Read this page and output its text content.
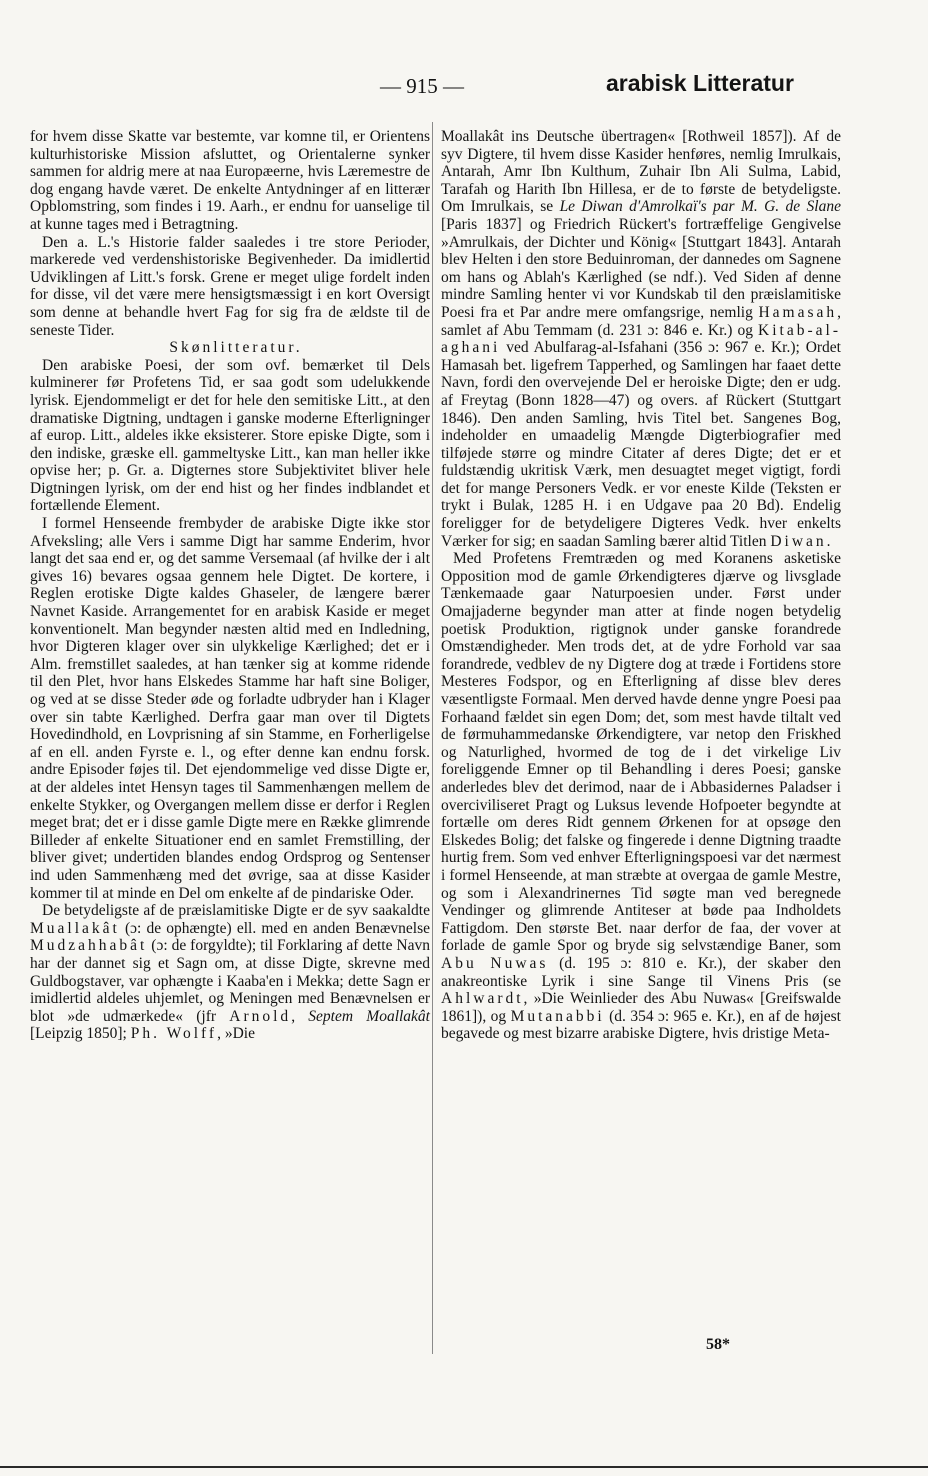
— 915 —	arabisk Litteratur

for hvem disse Skatte var bestemte, var komne til, er Orientens kulturhistoriske Mission afsluttet, og Orientalerne synker sammen for aldrig mere at naa Europæerne, hvis Læremestre de dog engang havde været. De enkelte Antydninger af en litterær Opblomstring, som findes i 19. Aarh., er endnu for uanselige til at kunne tages med i Betragtning.

Den a. L.'s Historie falder saaledes i tre store Perioder, markerede ved verdenshistoriske Begivenheder. Da imidlertid Udviklingen af Litt.'s forsk. Grene er meget ulige fordelt inden for disse, vil det være mere hensigtsmæssigt i en kort Oversigt som denne at behandle hvert Fag for sig fra de ældste til de seneste Tider.

Skønlitteratur.

Den arabiske Poesi, der som ovf. bemærket til Dels kulminerer før Profetens Tid, er saa godt som udelukkende lyrisk. Ejendommeligt er det for hele den semitiske Litt., at den dramatiske Digtning, undtagen i ganske moderne Efterligninger af europ. Litt., aldeles ikke eksisterer. Store episke Digte, som i den indiske, græske ell. gammeltyske Litt., kan man heller ikke opvise her; p. Gr. a. Digternes store Subjektivitet bliver hele Digtningen lyrisk, om der end hist og her findes indblandet et fortællende Element.

I formel Henseende frembyder de arabiske Digte ikke stor Afveksling; alle Vers i samme Digt har samme Enderim, hvor langt det saa end er, og det samme Versemaal (af hvilke der i alt gives 16) bevares ogsaa gennem hele Digtet. De kortere, i Reglen erotiske Digte kaldes Ghaseler, de længere bærer Navnet Kaside. Arrangementet for en arabisk Kaside er meget konventionelt. Man begynder næsten altid med en Indledning, hvor Digteren klager over sin ulykkelige Kærlighed; det er i Alm. fremstillet saaledes, at han tænker sig at komme ridende til den Plet, hvor hans Elskedes Stamme har haft sine Boliger, og ved at se disse Steder øde og forladte udbryder han i Klager over sin tabte Kærlighed. Derfra gaar man over til Digtets Hovedindhold, en Lovprisning af sin Stamme, en Forherligelse af en ell. anden Fyrste e. l., og efter denne kan endnu forsk. andre Episoder føjes til. Det ejendommelige ved disse Digte er, at der aldeles intet Hensyn tages til Sammenhængen mellem de enkelte Stykker, og Overgangen mellem disse er derfor i Reglen meget brat; det er i disse gamle Digte mere en Række glimrende Billeder af enkelte Situationer end en samlet Fremstilling, der bliver givet; undertiden blandes endog Ordsprog og Sentenser ind uden Sammenhæng med det øvrige, saa at disse Kasider kommer til at minde en Del om enkelte af de pindariske Oder.

De betydeligste af de præislamitiske Digte er de syv saakaldte Muallakât (ɔ: de ophængte) ell. med en anden Benævnelse Mudzahhabât (ɔ: de forgyldte); til Forklaring af dette Navn har der dannet sig et Sagn om, at disse Digte, skrevne med Guldbogstaver, var ophængte i Kaaba'en i Mekka; dette Sagn er imidlertid aldeles uhjemlet, og Meningen med Benævnelsen er blot »de udmærkede« (jfr Arnold, Septem Moallakât [Leipzig 1850]; Ph. Wolff, »Die

Moallakât ins Deutsche übertragen« [Rothweil 1857]). Af de syv Digtere, til hvem disse Kasider henføres, nemlig Imrulkais, Antarah, Amr Ibn Kulthum, Zuhair Ibn Ali Sulma, Labid, Tarafah og Harith Ibn Hillesa, er de to første de betydeligste. Om Imrulkais, se Le Diwan d'Amrolkaï's par M. G. de Slane [Paris 1837] og Friedrich Rückert's fortræffelige Gengivelse »Amrulkais, der Dichter und König« [Stuttgart 1843]. Antarah blev Helten i den store Beduinroman, der dannedes om Sagnene om hans og Ablah's Kærlighed (se ndf.). Ved Siden af denne mindre Samling henter vi vor Kundskab til den præislamitiske Poesi fra et Par andre mere omfangsrige, nemlig Hamasah, samlet af Abu Temmam (d. 231 ɔ: 846 e. Kr.) og Kitab-al-aghani ved Abulfarag-al-Isfahani (356 ɔ: 967 e. Kr.); Ordet Hamasah bet. ligefrem Tapperhed, og Samlingen har faaet dette Navn, fordi den overvejende Del er heroiske Digte; den er udg. af Freytag (Bonn 1828—47) og overs. af Rückert (Stuttgart 1846). Den anden Samling, hvis Titel bet. Sangenes Bog, indeholder en umaadelig Mængde Digterbiografier med tilføjede større og mindre Citater af deres Digte; det er et fuldstændig ukritisk Værk, men desuagtet meget vigtigt, fordi det for mange Personers Vedk. er vor eneste Kilde (Teksten er trykt i Bulak, 1285 H. i en Udgave paa 20 Bd). Endelig foreligger for de betydeligere Digteres Vedk. hver enkelts Værker for sig; en saadan Samling bærer altid Titlen Diwan.

Med Profetens Fremtræden og med Koranens asketiske Opposition mod de gamle Ørkendigteres djærve og livsglade Tænkemaade gaar Naturpoesien under. Først under Omajjaderne begynder man atter at finde nogen betydelig poetisk Produktion, rigtignok under ganske forandrede Omstændigheder. Men trods det, at de ydre Forhold var saa forandrede, vedblev de ny Digtere dog at træde i Fortidens store Mesteres Fodspor, og en Efterligning af disse blev deres væsentligste Formaal. Men derved havde denne yngre Poesi paa Forhaand fældet sin egen Dom; det, som mest havde tiltalt ved de førmuhammedanske Ørkendigtere, var netop den Friskhed og Naturlighed, hvormed de tog de i det virkelige Liv foreliggende Emner op til Behandling i deres Poesi; ganske anderledes blev det derimod, naar de i Abbasidernes Paladser i overciviliseret Pragt og Luksus levende Hofpoeter begyndte at fortælle om deres Ridt gennem Ørkenen for at opsøge den Elskedes Bolig; det falske og fingerede i denne Digtning traadte hurtig frem. Som ved enhver Efterligningspoesi var det nærmest i formel Henseende, at man stræbte at overgaa de gamle Mestre, og som i Alexandrinernes Tid søgte man ved beregnede Vendinger og glimrende Antiteser at bøde paa Indholdets Fattigdom. Den største Bet. naar derfor de faa, der vover at forlade de gamle Spor og bryde sig selvstændige Baner, som Abu Nuwas (d. 195 ɔ: 810 e. Kr.), der skaber den anakreontiske Lyrik i sine Sange til Vinens Pris (se Ahlwardt, »Die Weinlieder des Abu Nuwas« [Greifswalde 1861]), og Mutanabbi (d. 354 ɔ: 965 e. Kr.), en af de højest begavede og mest bizarre arabiske Digtere, hvis dristige Meta-

58*
